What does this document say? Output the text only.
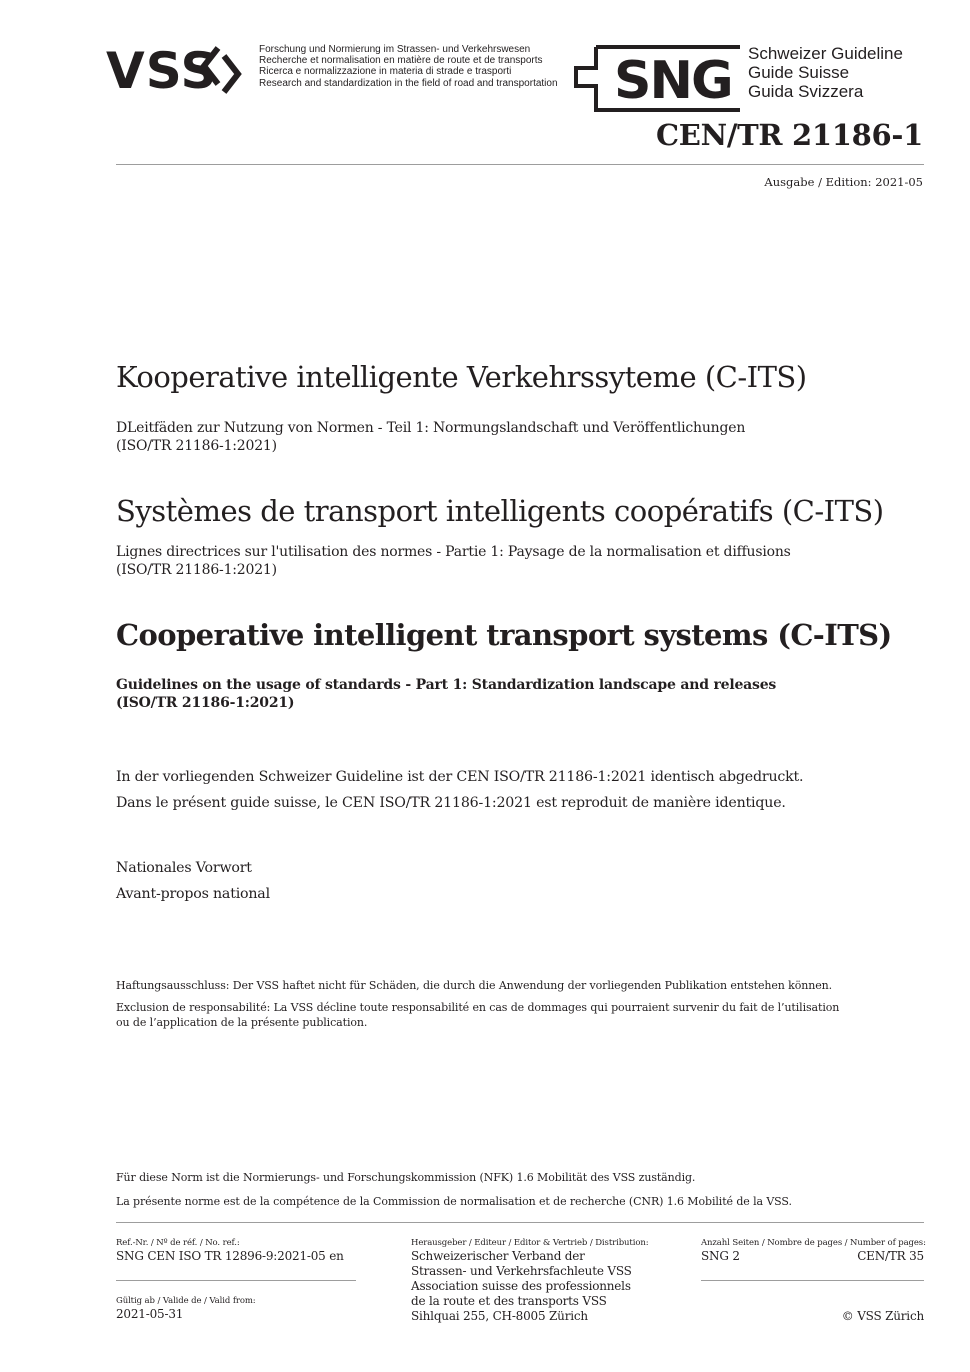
VSS	Forschung und Normierung im Strassen- und Verkehrswesen
Recherche et normalisation en matière de route et de transports
Ricerca e normalizzazione in materia di strade e trasporti
Research and standardization in the field of road and transportation SNG Schweizer Guideline
Guide Suisse
Guida Svizzera
CEN/TR 21186-1
Ausgabe / Edition: 2021-05
Kooperative intelligente Verkehrssyteme (C-ITS)
DLeitfäden zur Nutzung von Normen - Teil 1: Normungslandschaft und Veröffentlichungen
(ISO/TR 21186-1:2021)
Systèmes de transport intelligents coopératifs (C-ITS)
Lignes directrices sur l'utilisation des normes - Partie 1: Paysage de la normalisation et diffusions
(ISO/TR 21186-1:2021)
Cooperative intelligent transport systems (C-ITS)
Guidelines on the usage of standards - Part 1: Standardization landscape and releases
(ISO/TR 21186-1:2021)
In der vorliegenden Schweizer Guideline ist der CEN ISO/TR 21186-1:2021 identisch abgedruckt.
Dans le présent guide suisse, le CEN ISO/TR 21186-1:2021 est reproduit de manière identique.
Nationales Vorwort
Avant-propos national
Haftungsausschluss: Der VSS haftet nicht für Schäden, die durch die Anwendung der vorliegenden Publikation entstehen können.
Exclusion de responsabilité: La VSS décline toute responsabilité en cas de dommages qui pourraient survenir du fait de l’utilisation
ou de l’application de la présente publication.
Für diese Norm ist die Normierungs- und Forschungskommission (NFK) 1.6 Mobilität des VSS zuständig.
La présente norme est de la compétence de la Commission de normalisation et de recherche (CNR) 1.6 Mobilité de la VSS.
Ref.-Nr. / Nº de réf. / No. ref.:
SNG CEN ISO TR 12896-9:2021-05 en
Gültig ab / Valide de / Valid from:
2021-05-31
Herausgeber / Editeur / Editor & Vertrieb / Distribution:
Schweizerischer Verband der
Strassen- und Verkehrsfachleute VSS
Association suisse des professionnels
de la route et des transports VSS
Sihlquai 255, CH-8005 Zürich
Anzahl Seiten / Nombre de pages / Number of pages:
SNG 2	CEN/TR 35
© VSS Zürich
